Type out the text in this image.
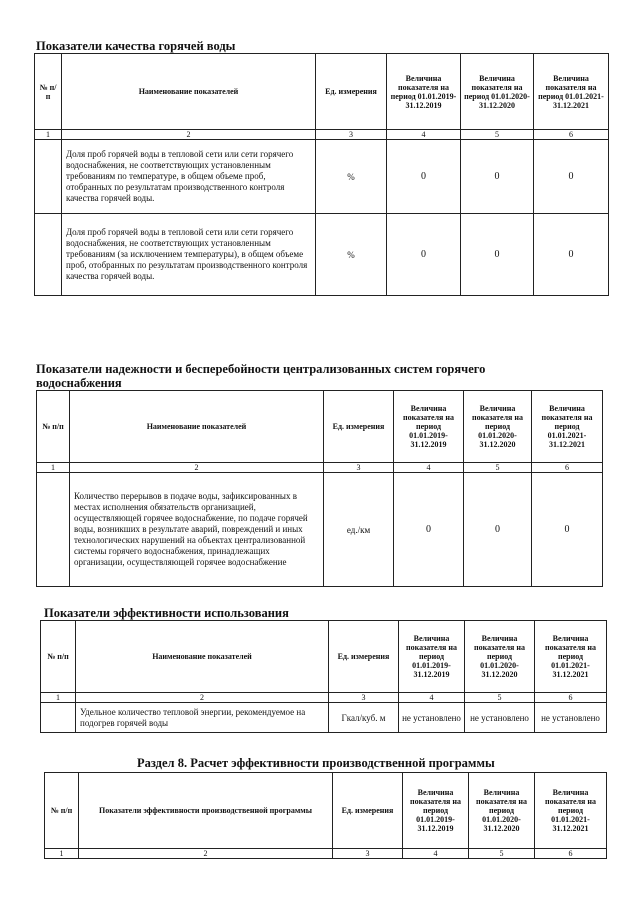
Показатели качества горячей воды
№ п/п	Наименование показателей	Ед. измерения	Величина показателя на период 01.01.2019-31.12.2019	Величина показателя на период 01.01.2020-31.12.2020	Величина показателя на период 01.01.2021-31.12.2021
1	2	3	4	5	6
	Доля проб горячей воды в тепловой сети или сети горячего водоснабжения, не соответствующих установленным требованиям по температуре, в общем объеме проб, отобранных по результатам производственного контроля качества горячей воды.	%	0	0	0
	Доля проб горячей воды в тепловой сети или сети горячего водоснабжения, не соответствующих установленным требованиям (за исключением температуры), в общем объеме проб, отобранных по результатам производственного контроля качества горячей воды.	%	0	0	0
Показатели надежности и бесперебойности централизованных систем горячего водоснабжения
№ п/п	Наименование показателей	Ед. измерения	Величина показателя на период 01.01.2019-31.12.2019	Величина показателя на период 01.01.2020-31.12.2020	Величина показателя на период 01.01.2021-31.12.2021
1	2	3	4	5	6
	Количество перерывов в подаче воды, зафиксированных в местах исполнения обязательств организацией, осуществляющей горячее водоснабжение, по подаче горячей воды, возникших в результате аварий, повреждений и иных технологических нарушений на объектах централизованной системы горячего водоснабжения, принадлежащих организации, осуществляющей горячее водоснабжение	ед./км	0	0	0
Показатели эффективности использования
№ п/п	Наименование показателей	Ед. измерения	Величина показателя на период 01.01.2019-31.12.2019	Величина показателя на период 01.01.2020-31.12.2020	Величина показателя на период 01.01.2021-31.12.2021
1	2	3	4	5	6
	Удельное количество тепловой энергии, рекомендуемое на подогрев горячей воды	Гкал/куб. м	не установлено	не установлено	не установлено
Раздел 8. Расчет эффективности производственной программы
№ п/п	Показатели эффективности производственной программы	Ед. измерения	Величина показателя на период 01.01.2019-31.12.2019	Величина показателя на период 01.01.2020-31.12.2020	Величина показателя на период 01.01.2021-31.12.2021
1	2	3	4	5	6
